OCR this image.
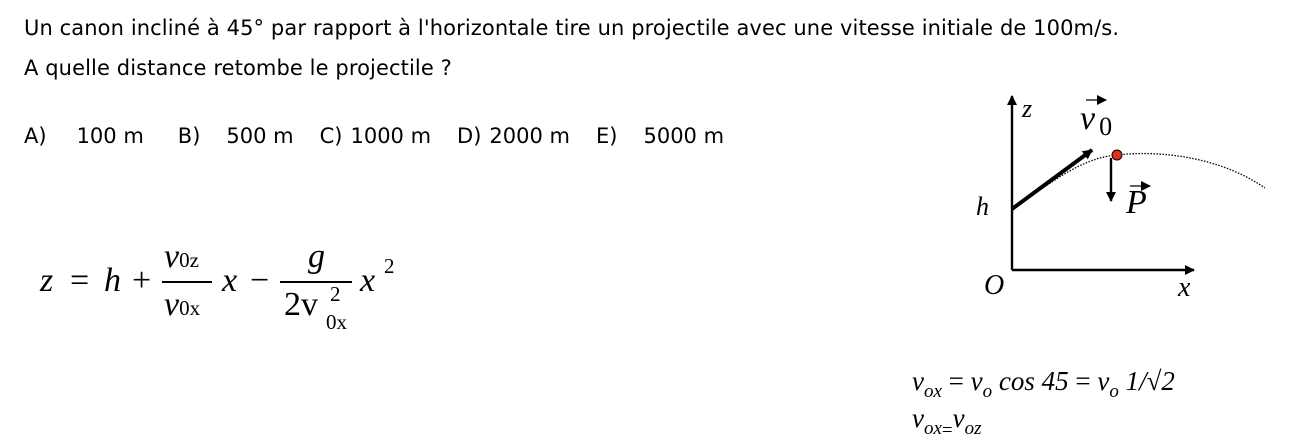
Un canon incliné à 45° par rapport à l'horizontale tire un projectile avec une vitesse initiale de 100m/s.
A quelle distance retombe le projectile ?
A) 100 m B) 500 m C) 1000 m D) 2000 m E) 5000 m
z = h +
v0z
v0x
x −
g
2v 2
0x
x 2
z v 0
P
h
O	x
$v_{ox} = v_o$ $\cos 45 = v_o$ 1/√2
$v_{ox=}v_{oz}$
